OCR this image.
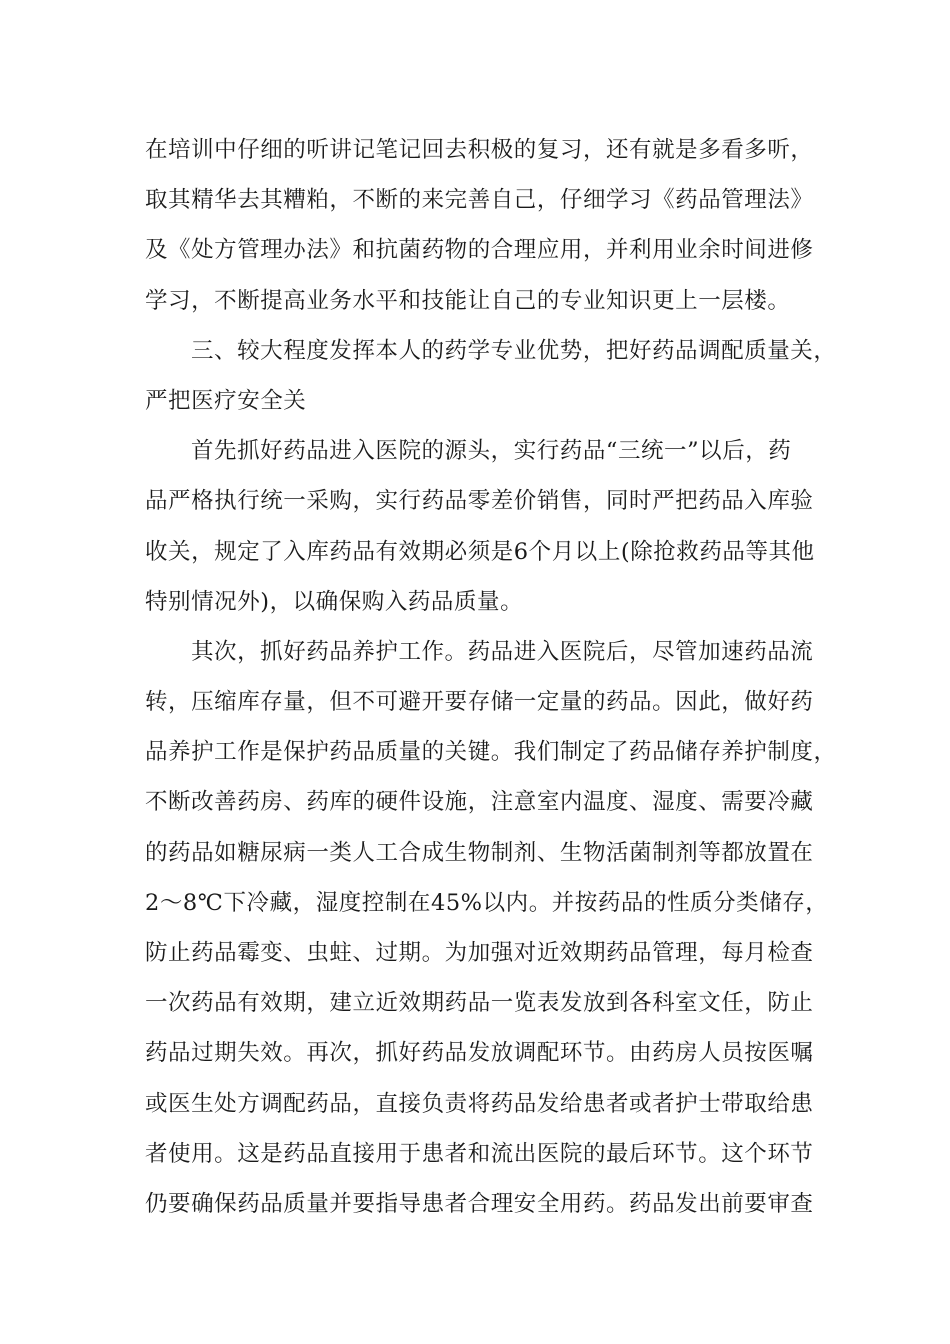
在培训中仔细的听讲记笔记回去积极的复习，还有就是多看多听，
取其精华去其糟粕，不断的来完善自己，仔细学习《药品管理法》
及《处方管理办法》和抗菌药物的合理应用，并利用业余时间进修
学习，不断提高业务水平和技能让自己的专业知识更上一层楼。
三、较大程度发挥本人的药学专业优势，把好药品调配质量关，
严把医疗安全关
首先抓好药品进入医院的源头，实行药品“三统一”以后，药
品严格执行统一采购，实行药品零差价销售，同时严把药品入库验
收关，规定了入库药品有效期必须是6个月以上(除抢救药品等其他
特别情况外)，以确保购入药品质量。
其次，抓好药品养护工作。药品进入医院后，尽管加速药品流
转，压缩库存量，但不可避开要存储一定量的药品。因此，做好药
品养护工作是保护药品质量的关键。我们制定了药品储存养护制度，
不断改善药房、药库的硬件设施，注意室内温度、湿度、需要冷藏
的药品如糖尿病一类人工合成生物制剂、生物活菌制剂等都放置在
2～8℃下冷藏，湿度控制在45%以内。并按药品的性质分类储存，
防止药品霉变、虫蛀、过期。为加强对近效期药品管理，每月检查
一次药品有效期，建立近效期药品一览表发放到各科室文任，防止
药品过期失效。再次，抓好药品发放调配环节。由药房人员按医嘱
或医生处方调配药品，直接负责将药品发给患者或者护士带取给患
者使用。这是药品直接用于患者和流出医院的最后环节。这个环节
仍要确保药品质量并要指导患者合理安全用药。药品发出前要审查
